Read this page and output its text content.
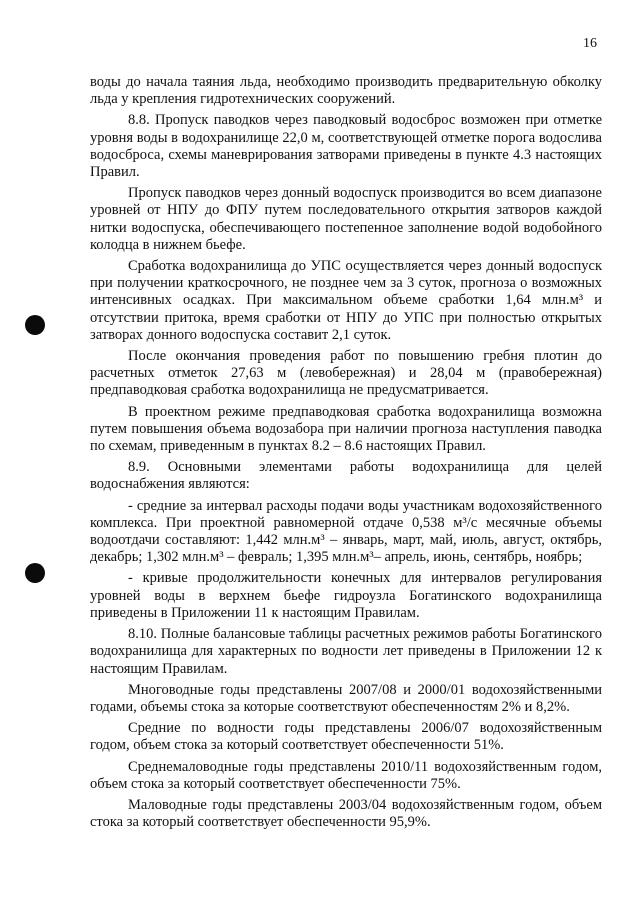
16

воды до начала таяния льда, необходимо производить предварительную обколку льда у крепления гидротехнических сооружений.

8.8. Пропуск паводков через паводковый водосброс возможен при отметке уровня воды в водохранилище 22,0 м, соответствующей отметке порога водослива водосброса, схемы маневрирования затворами приведены в пункте 4.3 настоящих Правил.

Пропуск паводков через донный водоспуск производится во всем диапазоне уровней от НПУ до ФПУ путем последовательного открытия затворов каждой нитки водоспуска, обеспечивающего постепенное заполнение водой водобойного колодца в нижнем бьефе.

Сработка водохранилища до УПС осуществляется через донный водоспуск при получении краткосрочного, не позднее чем за 3 суток, прогноза о возможных интенсивных осадках. При максимальном объеме сработки 1,64 млн.м³ и отсутствии притока, время сработки от НПУ до УПС при полностью открытых затворах донного водоспуска составит 2,1 суток.

После окончания проведения работ по повышению гребня плотин до расчетных отметок 27,63 м (левобережная) и 28,04 м (правобережная) предпаводковая сработка водохранилища не предусматривается.

В проектном режиме предпаводковая сработка водохранилища возможна путем повышения объема водозабора при наличии прогноза наступления паводка по схемам, приведенным в пунктах 8.2 – 8.6 настоящих Правил.

8.9. Основными элементами работы водохранилища для целей водоснабжения являются:

- средние за интервал расходы подачи воды участникам водохозяйственного комплекса. При проектной равномерной отдаче 0,538 м³/с месячные объемы водоотдачи составляют: 1,442 млн.м³ – январь, март, май, июль, август, октябрь, декабрь; 1,302 млн.м³ – февраль; 1,395 млн.м³– апрель, июнь, сентябрь, ноябрь;

- кривые продолжительности конечных для интервалов регулирования уровней воды в верхнем бьефе гидроузла Богатинского водохранилища приведены в Приложении 11 к настоящим Правилам.

8.10. Полные балансовые таблицы расчетных режимов работы Богатинского водохранилища для характерных по водности лет приведены в Приложении 12 к настоящим Правилам.

Многоводные годы представлены 2007/08 и 2000/01 водохозяйственными годами, объемы стока за которые соответствуют обеспеченностям 2% и 8,2%.

Средние по водности годы представлены 2006/07 водохозяйственным годом, объем стока за который соответствует обеспеченности 51%.

Среднемаловодные годы представлены 2010/11 водохозяйственным годом, объем стока за который соответствует обеспеченности 75%.

Маловодные годы представлены 2003/04 водохозяйственным годом, объем стока за который соответствует обеспеченности 95,9%.
